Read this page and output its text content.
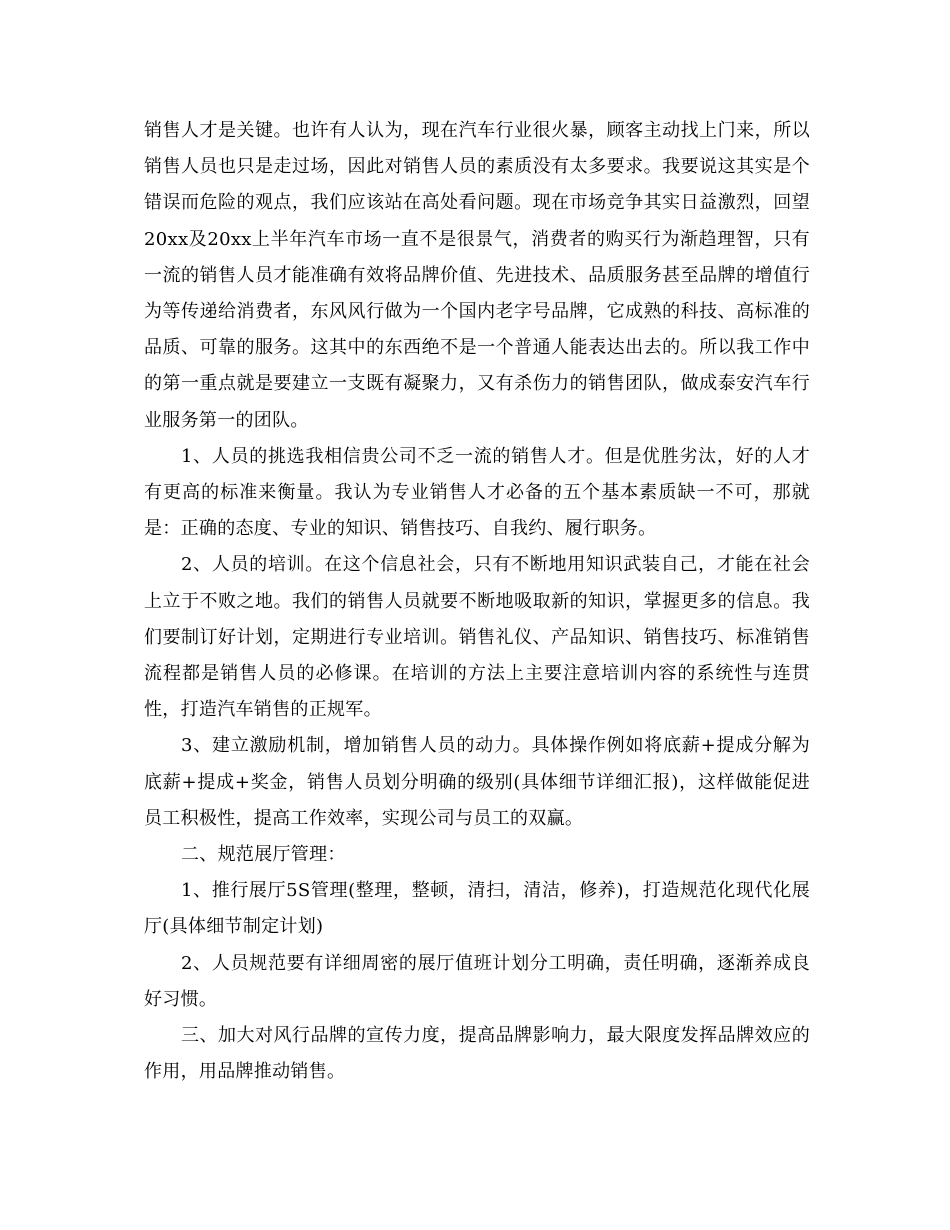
销售人才是关键。也许有人认为，现在汽车行业很火暴，顾客主动找上门来，所以销售人员也只是走过场，因此对销售人员的素质没有太多要求。我要说这其实是个错误而危险的观点，我们应该站在高处看问题。现在市场竞争其实日益激烈，回望20xx及20xx上半年汽车市场一直不是很景气，消费者的购买行为渐趋理智，只有一流的销售人员才能准确有效将品牌价值、先进技术、品质服务甚至品牌的增值行为等传递给消费者，东风风行做为一个国内老字号品牌，它成熟的科技、高标准的品质、可靠的服务。这其中的东西绝不是一个普通人能表达出去的。所以我工作中的第一重点就是要建立一支既有凝聚力，又有杀伤力的销售团队，做成泰安汽车行业服务第一的团队。

1、人员的挑选我相信贵公司不乏一流的销售人才。但是优胜劣汰，好的人才有更高的标准来衡量。我认为专业销售人才必备的五个基本素质缺一不可，那就是：正确的态度、专业的知识、销售技巧、自我约、履行职务。

2、人员的培训。在这个信息社会，只有不断地用知识武装自己，才能在社会上立于不败之地。我们的销售人员就要不断地吸取新的知识，掌握更多的信息。我们要制订好计划，定期进行专业培训。销售礼仪、产品知识、销售技巧、标准销售流程都是销售人员的必修课。在培训的方法上主要注意培训内容的系统性与连贯性，打造汽车销售的正规军。

3、建立激励机制，增加销售人员的动力。具体操作例如将底薪+提成分解为底薪+提成+奖金，销售人员划分明确的级别(具体细节详细汇报)，这样做能促进员工积极性，提高工作效率，实现公司与员工的双赢。

二、规范展厅管理：

1、推行展厅5S管理(整理，整顿，清扫，清洁，修养)，打造规范化现代化展厅(具体细节制定计划)

2、人员规范要有详细周密的展厅值班计划分工明确，责任明确，逐渐养成良好习惯。

三、加大对风行品牌的宣传力度，提高品牌影响力，最大限度发挥品牌效应的作用，用品牌推动销售。
